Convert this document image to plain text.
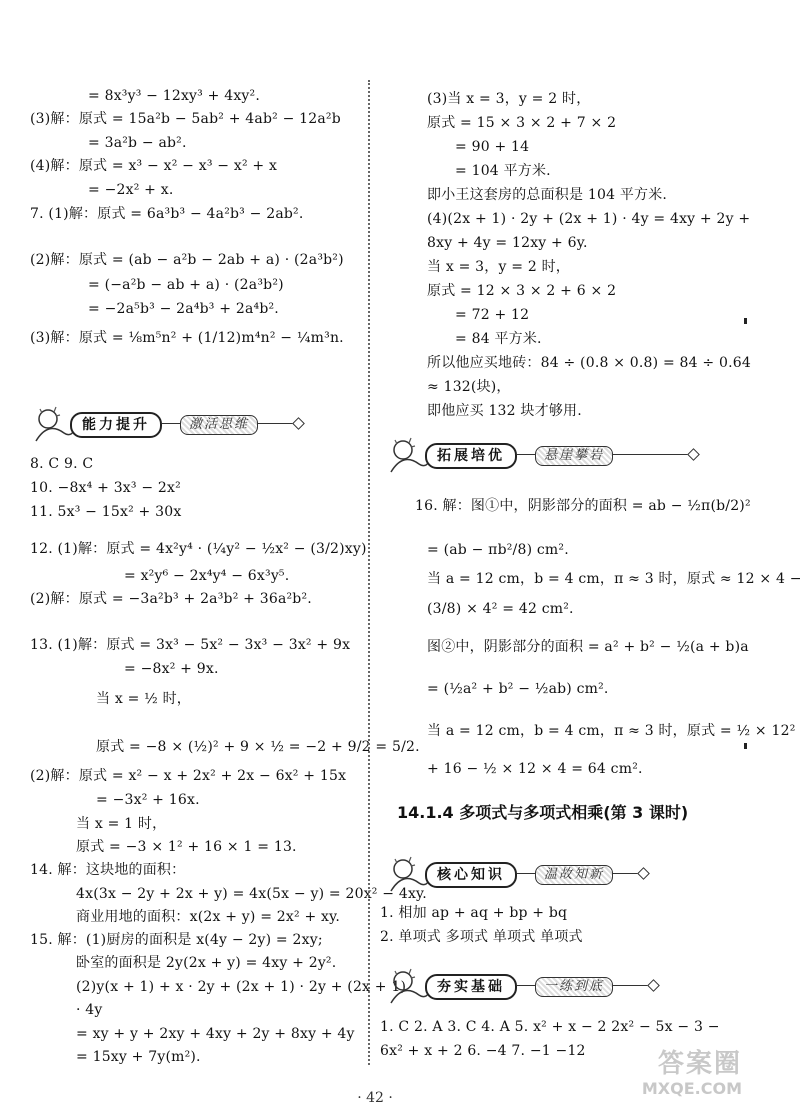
= 8x³y³ − 12xy³ + 4xy².
(3)解：原式 = 15a²b − 5ab² + 4ab² − 12a²b
= 3a²b − ab².
(4)解：原式 = x³ − x² − x³ − x² + x
= −2x² + x.
7. (1)解：原式 = 6a³b³ − 4a²b³ − 2ab².
(2)解：原式 = (ab − a²b − 2ab + a) · (2a³b²)
= (−a²b − ab + a) · (2a³b²)
= −2a⁵b³ − 2a⁴b³ + 2a⁴b².
(3)解：原式 = ⅛m⁵n² + (1/12)m⁴n² − ¼m³n.
8. C 9. C
10. −8x⁴ + 3x³ − 2x²
11. 5x³ − 15x² + 30x
12. (1)解：原式 = 4x²y⁴ · (¼y² − ½x² − (3/2)xy)
= x²y⁶ − 2x⁴y⁴ − 6x³y⁵.
(2)解：原式 = −3a²b³ + 2a³b² + 36a²b².
13. (1)解：原式 = 3x³ − 5x² − 3x³ − 3x² + 9x
= −8x² + 9x.
当 x = ½ 时，
原式 = −8 × (½)² + 9 × ½ = −2 + 9/2 = 5/2.
(2)解：原式 = x² − x + 2x² + 2x − 6x² + 15x
= −3x² + 16x.
当 x = 1 时，
原式 = −3 × 1² + 16 × 1 = 13.
14. 解：这块地的面积：
4x(3x − 2y + 2x + y) = 4x(5x − y) = 20x² − 4xy.
商业用地的面积：x(2x + y) = 2x² + xy.
15. 解：(1)厨房的面积是 x(4y − 2y) = 2xy;
卧室的面积是 2y(2x + y) = 4xy + 2y².
(2)y(x + 1) + x · 2y + (2x + 1) · 2y + (2x + 1)
· 4y
= xy + y + 2xy + 4xy + 2y + 8xy + 4y
= 15xy + 7y(m²).
能力提升	激活思维
14.1.4 多项式与多项式相乘(第 3 课时)
(3)当 x = 3，y = 2 时，
原式 = 15 × 3 × 2 + 7 × 2
= 90 + 14
= 104 平方米.
即小王这套房的总面积是 104 平方米.
(4)(2x + 1) · 2y + (2x + 1) · 4y = 4xy + 2y +
8xy + 4y = 12xy + 6y.
当 x = 3，y = 2 时，
原式 = 12 × 3 × 2 + 6 × 2
= 72 + 12
= 84 平方米.
所以他应买地砖：84 ÷ (0.8 × 0.8) = 84 ÷ 0.64
≈ 132(块)，
即他应买 132 块才够用.
16. 解：图①中，阴影部分的面积 = ab − ½π(b/2)²
= (ab − πb²/8) cm².
当 a = 12 cm，b = 4 cm，π ≈ 3 时，原式 ≈ 12 × 4 −
(3/8) × 4² = 42 cm².
图②中，阴影部分的面积 = a² + b² − ½(a + b)a
= (½a² + b² − ½ab) cm².
当 a = 12 cm，b = 4 cm，π ≈ 3 时，原式 = ½ × 12²
+ 16 − ½ × 12 × 4 = 64 cm².
1. 相加 ap + aq + bp + bq
2. 单项式 多项式 单项式 单项式
1. C 2. A 3. C 4. A 5. x² + x − 2 2x² − 5x − 3 −
6x² + x + 2 6. −4 7. −1 −12
拓展培优	悬崖攀岩
核心知识	温故知新
夯实基础	一练到底
· 42 ·
答案圈
MXQE.COM
